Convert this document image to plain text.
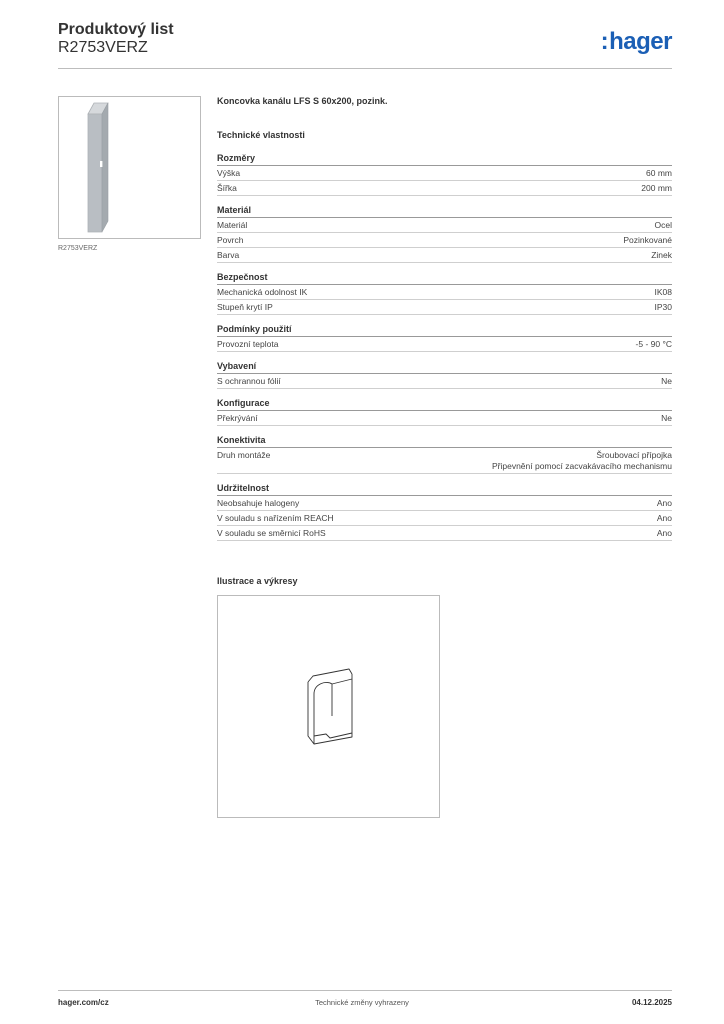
Produktový list
R2753VERZ	:hager
R2753VERZ
Koncovka kanálu LFS S 60x200, pozink.
Technické vlastnosti
Rozměry
Výška	60 mm
Šířka	200 mm
Materiál
Materiál	Ocel
Povrch	Pozinkované
Barva	Zinek
Bezpečnost
Mechanická odolnost IK	IK08
Stupeň krytí IP	IP30
Podmínky použití
Provozní teplota	-5 - 90 °C
Vybavení
S ochrannou fólií	Ne
Konfigurace
Překrývání	Ne
Konektivita
Druh montáže	Šroubovací přípojka
Připevnění pomocí zacvakávacího mechanismu
Udržitelnost
Neobsahuje halogeny	Ano
V souladu s nařízením REACH	Ano
V souladu se směrnicí RoHS	Ano
Ilustrace a výkresy
hager.com/cz	Technické změny vyhrazeny	04.12.2025
